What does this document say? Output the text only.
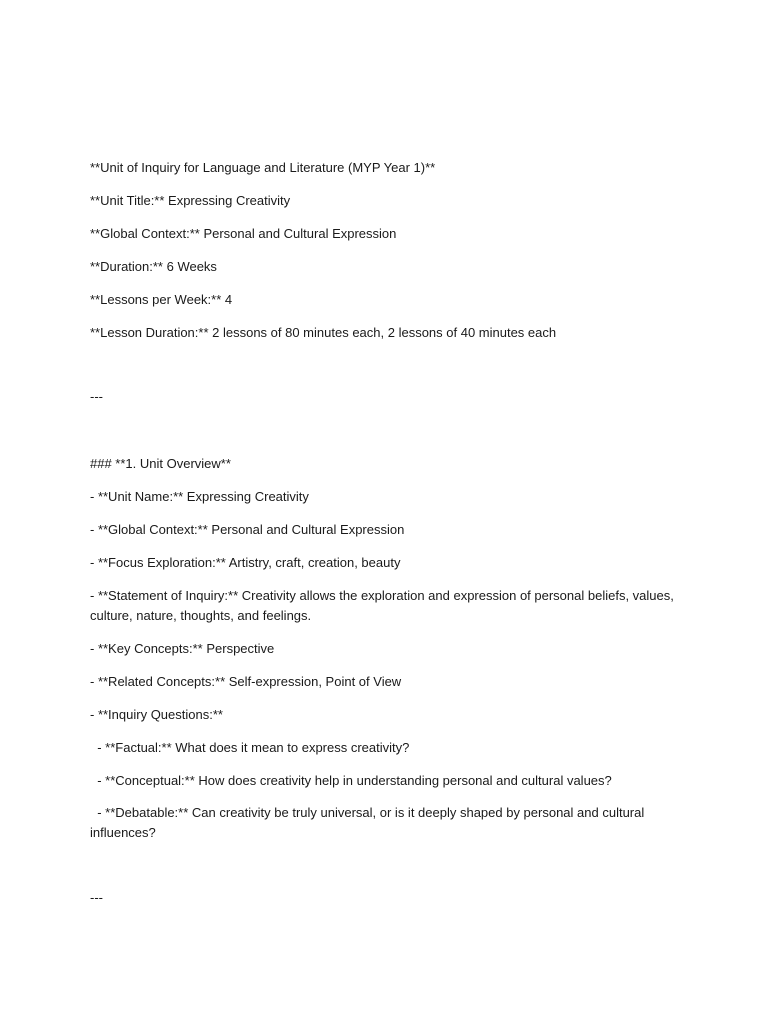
**Unit of Inquiry for Language and Literature (MYP Year 1)**
**Unit Title:** Expressing Creativity
**Global Context:** Personal and Cultural Expression
**Duration:** 6 Weeks
**Lessons per Week:** 4
**Lesson Duration:** 2 lessons of 80 minutes each, 2 lessons of 40 minutes each
---
### **1. Unit Overview**
- **Unit Name:** Expressing Creativity
- **Global Context:** Personal and Cultural Expression
- **Focus Exploration:** Artistry, craft, creation, beauty
- **Statement of Inquiry:** Creativity allows the exploration and expression of personal beliefs, values, culture, nature, thoughts, and feelings.
- **Key Concepts:** Perspective
- **Related Concepts:** Self-expression, Point of View
- **Inquiry Questions:**
- **Factual:** What does it mean to express creativity?
- **Conceptual:** How does creativity help in understanding personal and cultural values?
- **Debatable:** Can creativity be truly universal, or is it deeply shaped by personal and cultural influences?
---
